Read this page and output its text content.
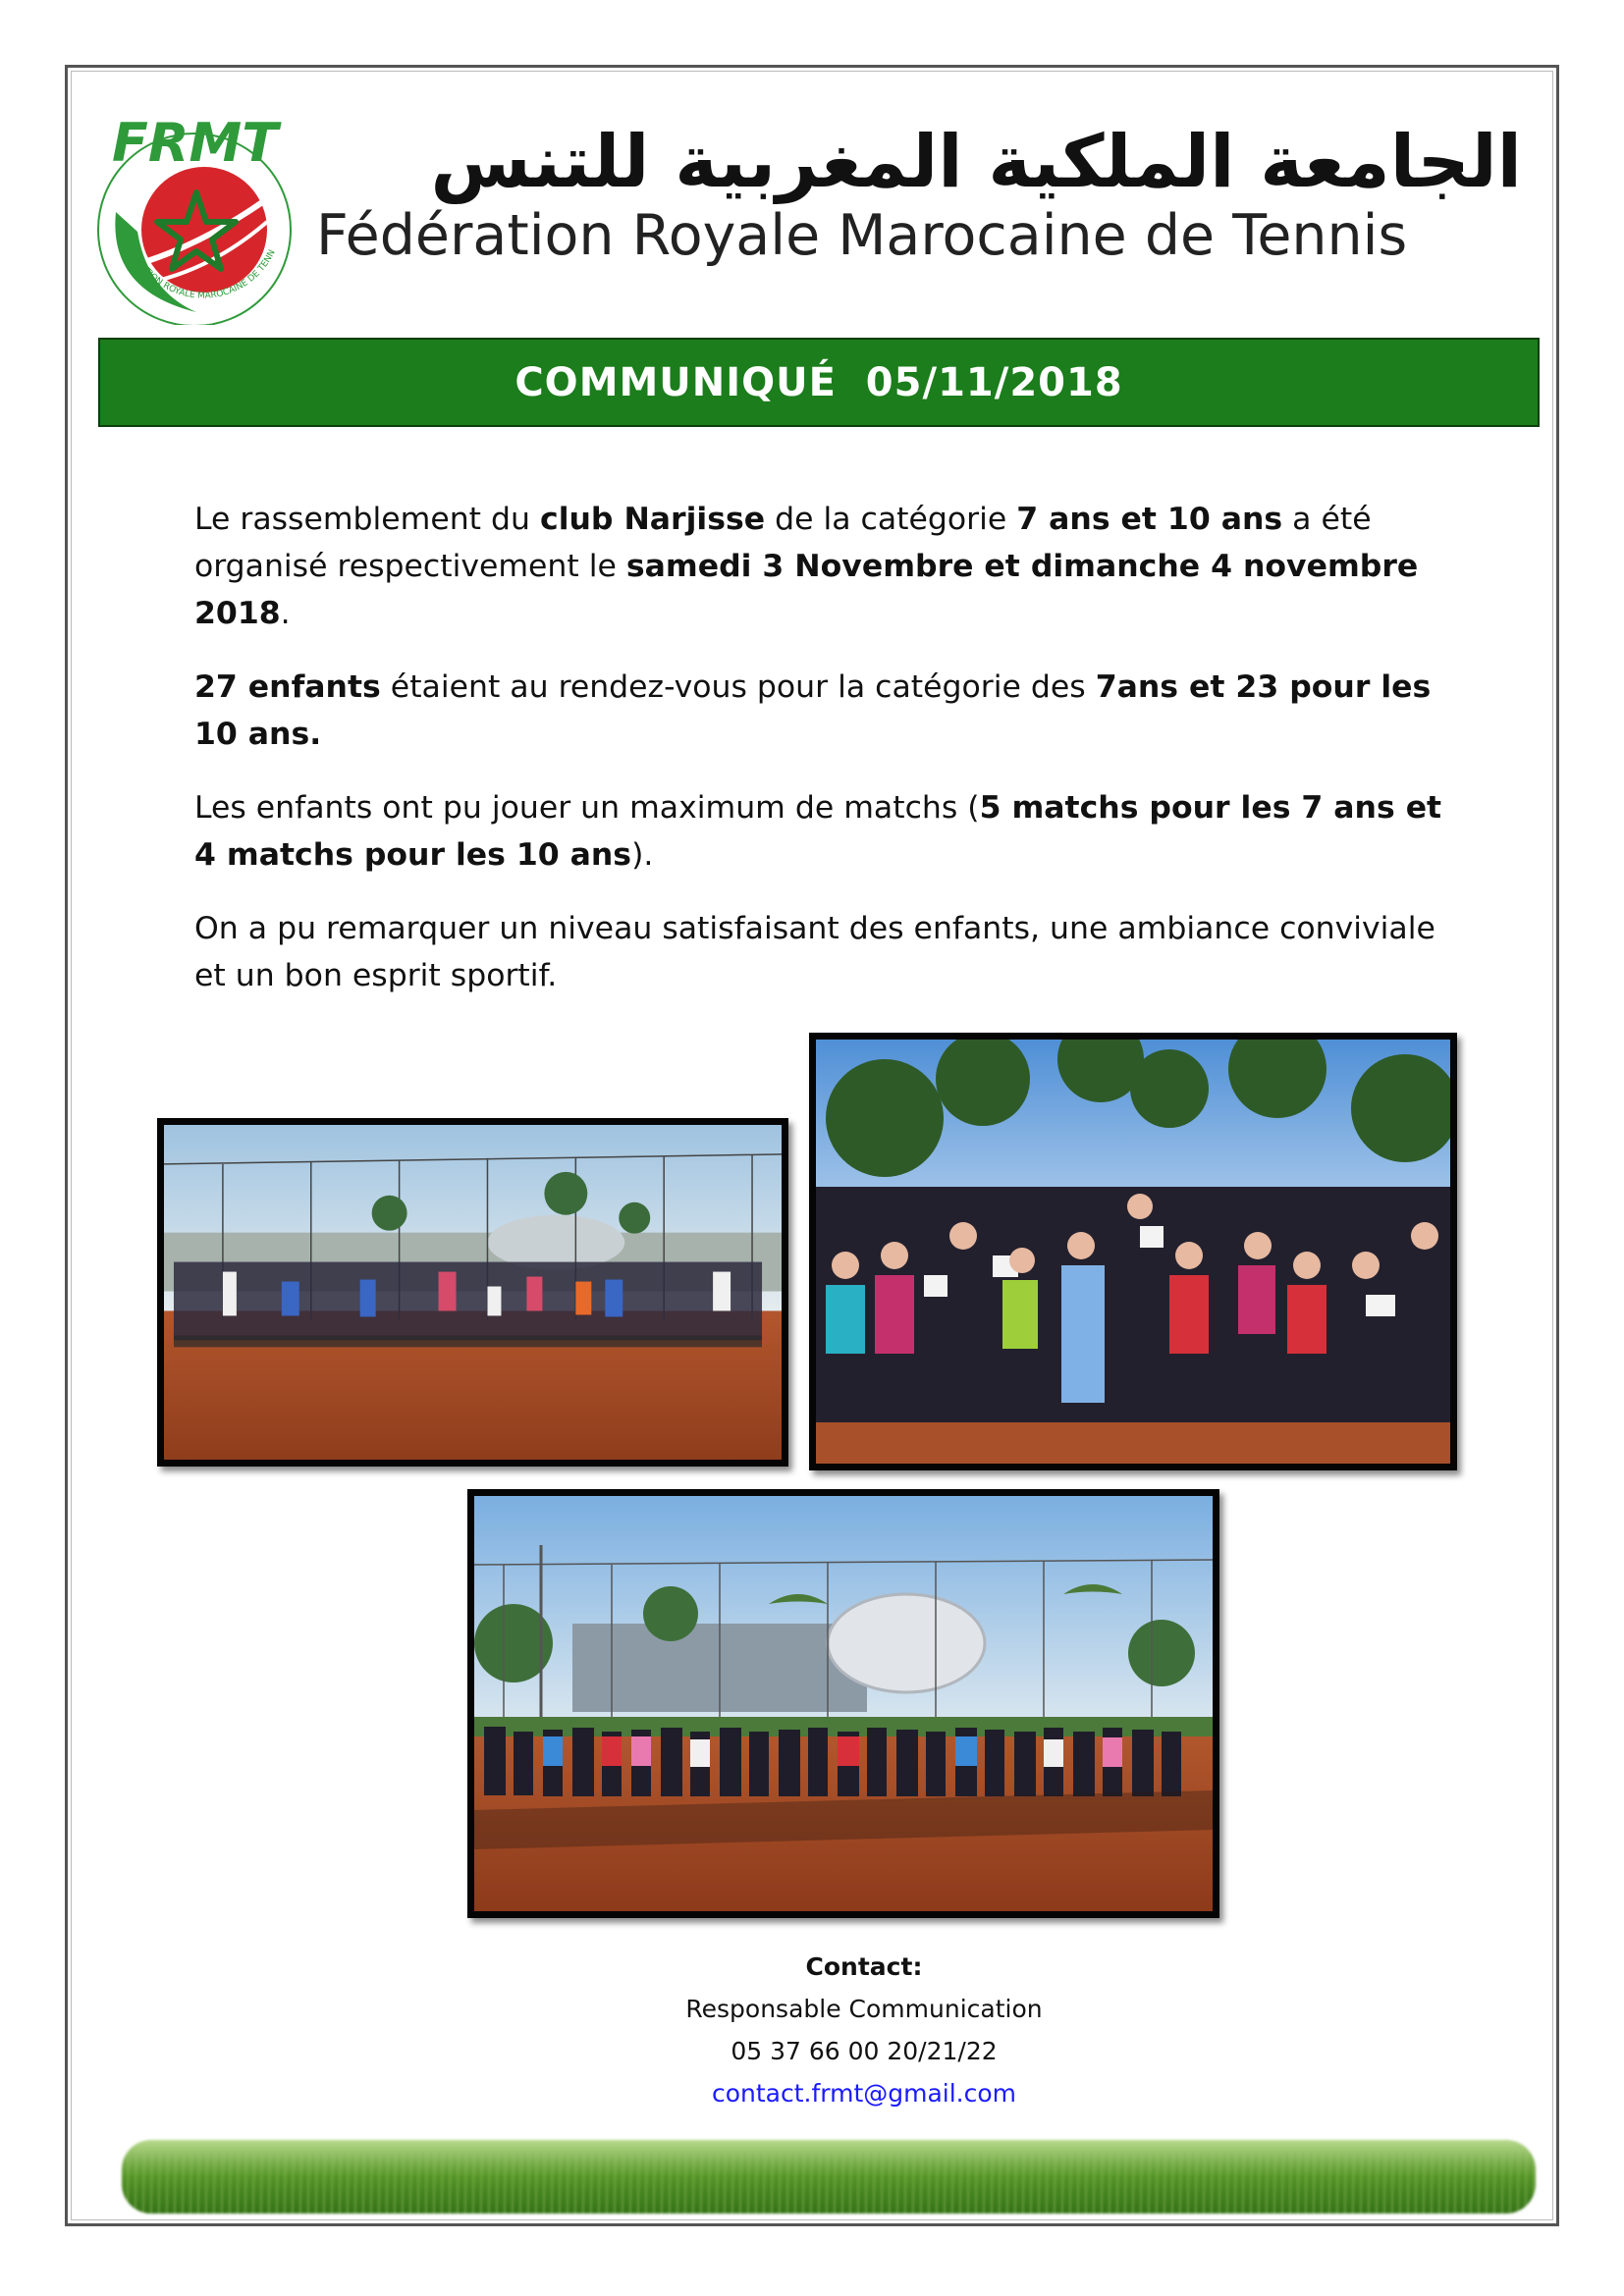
FRMT
FÉDÉRATION ROYALE MAROCAINE DE TENN
الجامعة الملكية المغربية للتنس
Fédération Royale Marocaine de Tennis
COMMUNIQUÉ  05/11/2018

Le rassemblement du club Narjisse de la catégorie 7 ans et 10 ans a été organisé respectivement le samedi 3 Novembre et dimanche 4 novembre 2018.

27 enfants étaient au rendez-vous pour la catégorie des 7ans et 23 pour les 10 ans.

Les enfants ont pu jouer un maximum de matchs (5 matchs pour les 7 ans et 4 matchs pour les 10 ans).

On a pu remarquer un niveau satisfaisant des enfants, une ambiance conviviale et un bon esprit sportif.

Contact:
Responsable Communication
05 37 66 00 20/21/22
contact.frmt@gmail.com
